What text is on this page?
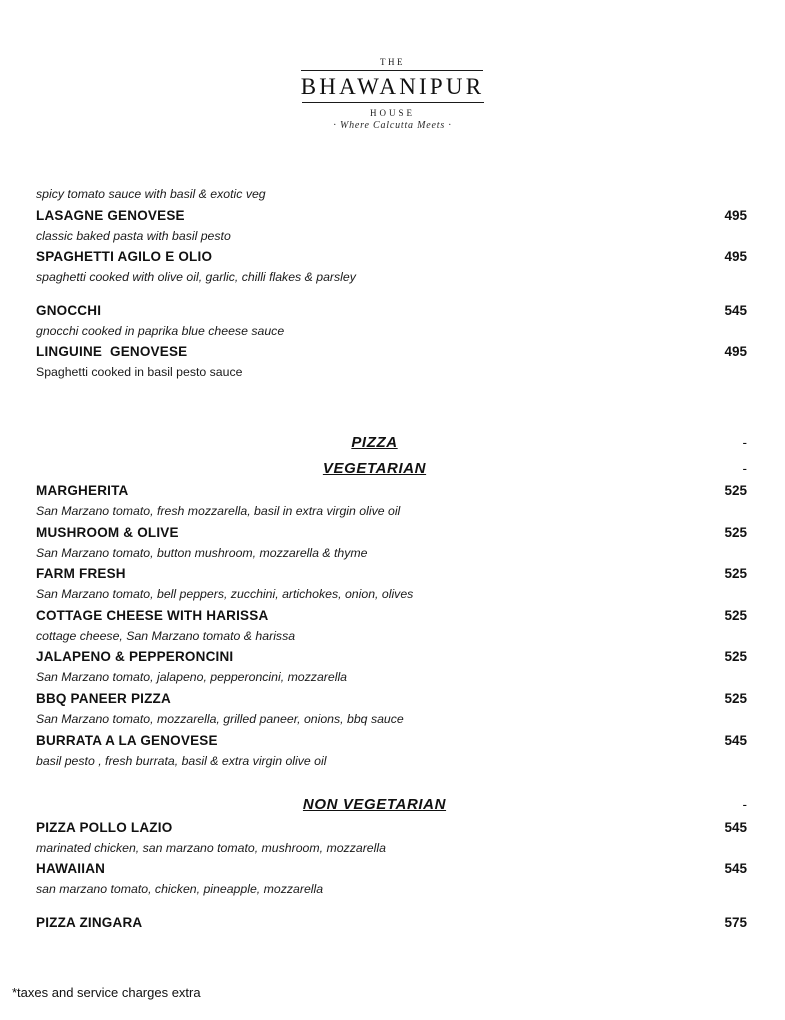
THE
BHAWANIPUR
HOUSE
· Where Calcutta Meets ·
spicy tomato sauce with basil & exotic veg
LASAGNE GENOVESE	495
classic baked pasta with basil pesto
SPAGHETTI AGILO E OLIO	495
spaghetti cooked with olive oil, garlic, chilli flakes & parsley
GNOCCHI	545
gnocchi cooked in paprika blue cheese sauce
LINGUINE  GENOVESE	495
Spaghetti cooked in basil pesto sauce
PIZZA	-
VEGETARIAN	-
MARGHERITA	525
San Marzano tomato, fresh mozzarella, basil in extra virgin olive oil
MUSHROOM & OLIVE	525
San Marzano tomato, button mushroom, mozzarella & thyme
FARM FRESH	525
San Marzano tomato, bell peppers, zucchini, artichokes, onion, olives
COTTAGE CHEESE WITH HARISSA	525
cottage cheese, San Marzano tomato & harissa
JALAPENO & PEPPERONCINI	525
San Marzano tomato, jalapeno, pepperoncini, mozzarella
BBQ PANEER PIZZA	525
San Marzano tomato, mozzarella, grilled paneer, onions, bbq sauce
BURRATA A LA GENOVESE	545
basil pesto , fresh burrata, basil & extra virgin olive oil
NON VEGETARIAN	-
PIZZA POLLO LAZIO	545
marinated chicken, san marzano tomato, mushroom, mozzarella
HAWAIIAN	545
san marzano tomato, chicken, pineapple, mozzarella
PIZZA ZINGARA	575
*taxes and service charges extra
